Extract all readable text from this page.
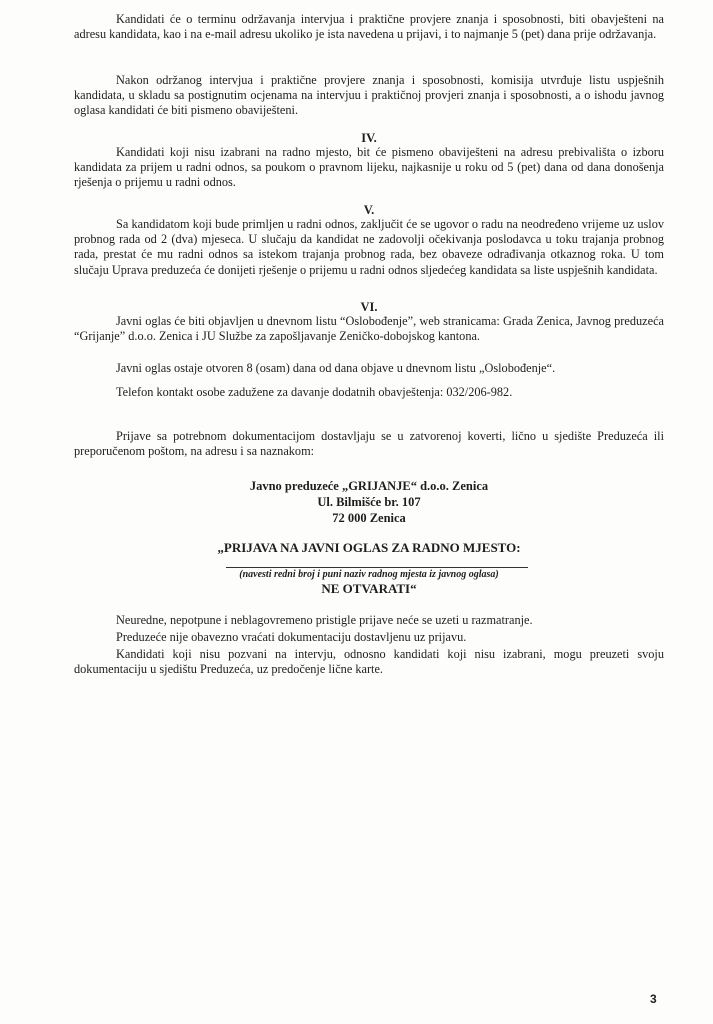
Kandidati će o terminu održavanja intervjua i praktične provjere znanja i sposobnosti, biti obavješteni na adresu kandidata, kao i na e-mail adresu ukoliko je ista navedena u prijavi, i to najmanje 5 (pet) dana prije održavanja.

Nakon održanog intervjua i praktične provjere znanja i sposobnosti, komisija utvrđuje listu uspješnih kandidata, u skladu sa postignutim ocjenama na intervjuu i praktičnoj provjeri znanja i sposobnosti, a o ishodu javnog oglasa kandidati će biti pismeno obaviješteni.

IV.

Kandidati koji nisu izabrani na radno mjesto, bit će pismeno obaviješteni na adresu prebivališta o izboru kandidata za prijem u radni odnos, sa poukom o pravnom lijeku, najkasnije u roku od 5 (pet) dana od dana donošenja rješenja o prijemu u radni odnos.

V.

Sa kandidatom koji bude primljen u radni odnos, zaključit će se ugovor o radu na neodređeno vrijeme uz uslov probnog rada od 2 (dva) mjeseca. U slučaju da kandidat ne zadovolji očekivanja poslodavca u toku trajanja probnog rada, prestat će mu radni odnos sa istekom trajanja probnog rada, bez obaveze odrađivanja otkaznog roka. U tom slučaju Uprava preduzeća će donijeti rješenje o prijemu u radni odnos sljedećeg kandidata sa liste uspješnih kandidata.

VI.

Javni oglas će biti objavljen u dnevnom listu “Oslobođenje”, web stranicama: Grada Zenica, Javnog preduzeća “Grijanje” d.o.o. Zenica i JU Službe za zapošljavanje Zeničko-dobojskog kantona.

Javni oglas ostaje otvoren 8 (osam) dana od dana objave u dnevnom listu „Oslobođenje“.

Telefon kontakt osobe zadužene za davanje dodatnih obavještenja: 032/206-982.

Prijave sa potrebnom dokumentacijom dostavljaju se u zatvorenoj koverti, lično u sjedište Preduzeća ili preporučenom poštom, na adresu i sa naznakom:

Javno preduzeće „GRIJANJE“ d.o.o. Zenica
Ul. Bilmišće br. 107
72 000 Zenica
„PRIJAVA NA JAVNI OGLAS ZA RADNO MJESTO:
(navesti redni broj i puni naziv radnog mjesta iz javnog oglasa)
NE OTVARATI“

Neuredne, nepotpune i neblagovremeno pristigle prijave neće se uzeti u razmatranje.

Preduzeće nije obavezno vraćati dokumentaciju dostavljenu uz prijavu.

Kandidati koji nisu pozvani na intervju, odnosno kandidati koji nisu izabrani, mogu preuzeti svoju dokumentaciju u sjedištu Preduzeća, uz predočenje lične karte.

3
